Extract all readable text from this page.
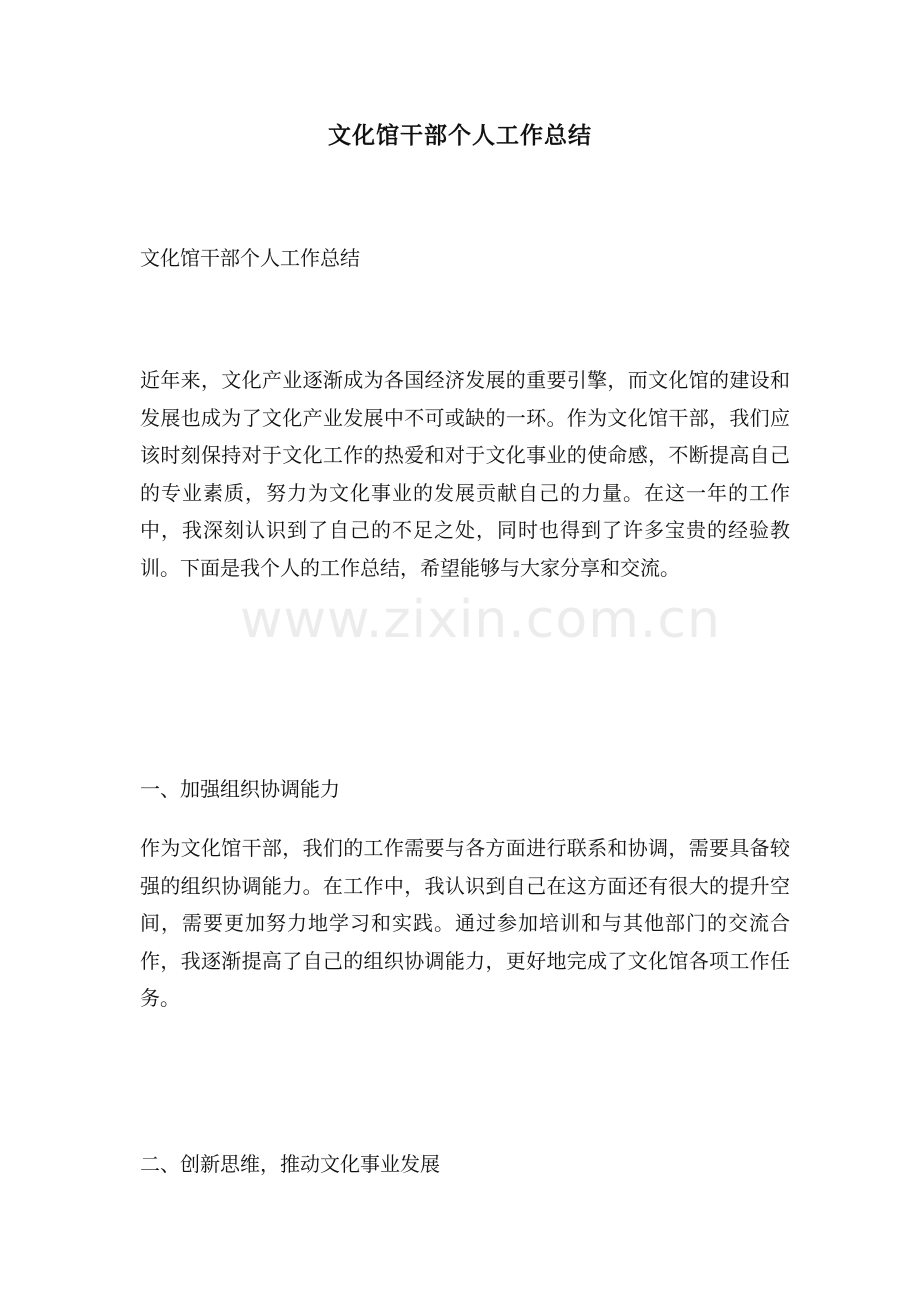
文化馆干部个人工作总结
文化馆干部个人工作总结

近年来，文化产业逐渐成为各国经济发展的重要引擎，而文化馆的建设和发展也成为了文化产业发展中不可或缺的一环。作为文化馆干部，我们应该时刻保持对于文化工作的热爱和对于文化事业的使命感，不断提高自己的专业素质，努力为文化事业的发展贡献自己的力量。在这一年的工作中，我深刻认识到了自己的不足之处，同时也得到了许多宝贵的经验教训。下面是我个人的工作总结，希望能够与大家分享和交流。

一、加强组织协调能力

作为文化馆干部，我们的工作需要与各方面进行联系和协调，需要具备较强的组织协调能力。在工作中，我认识到自己在这方面还有很大的提升空间，需要更加努力地学习和实践。通过参加培训和与其他部门的交流合作，我逐渐提高了自己的组织协调能力，更好地完成了文化馆各项工作任务。

二、创新思维，推动文化事业发展
www.zixin.com.cn
